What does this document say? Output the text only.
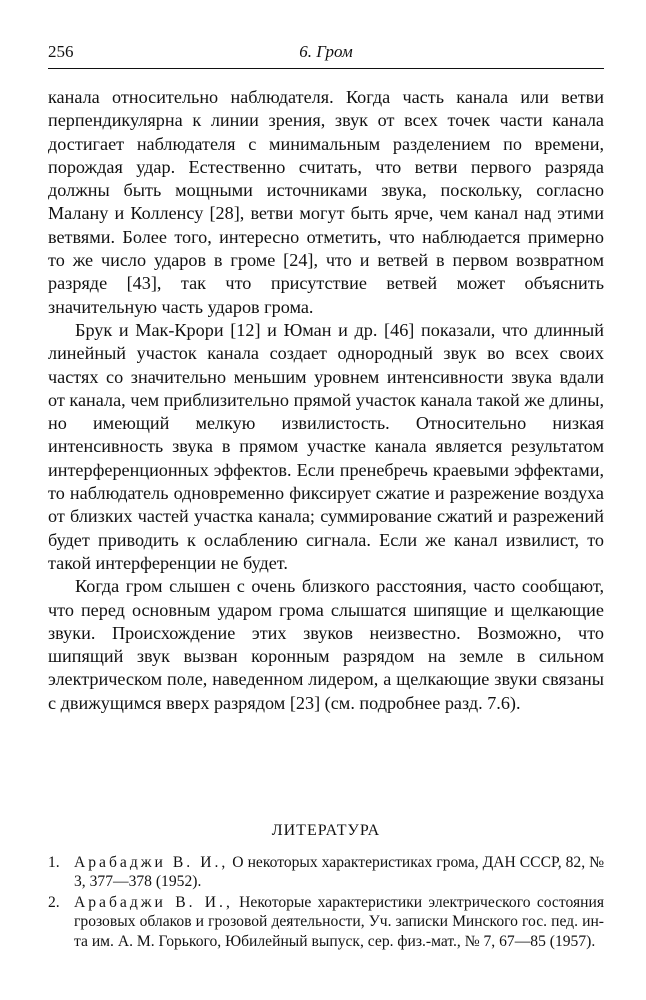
256	6. Гром

канала относительно наблюдателя. Когда часть канала или ветви перпендикулярна к линии зрения, звук от всех точек части канала достигает наблюдателя с минимальным разделением по времени, порождая удар. Естественно считать, что ветви первого разряда должны быть мощными источниками звука, поскольку, согласно Малану и Колленсу [28], ветви могут быть ярче, чем канал над этими ветвями. Более того, интересно отметить, что наблюдается примерно то же число ударов в громе [24], что и ветвей в первом возвратном разряде [43], так что присутствие ветвей может объяснить значительную часть ударов грома.

Брук и Мак-Крори [12] и Юман и др. [46] показали, что длинный линейный участок канала создает однородный звук во всех своих частях со значительно меньшим уровнем интенсивности звука вдали от канала, чем приблизительно прямой участок канала такой же длины, но имеющий мелкую извилистость. Относительно низкая интенсивность звука в прямом участке канала является результатом интерференционных эффектов. Если пренебречь краевыми эффектами, то наблюдатель одновременно фиксирует сжатие и разрежение воздуха от близких частей участка канала; суммирование сжатий и разрежений будет приводить к ослаблению сигнала. Если же канал извилист, то такой интерференции не будет.

Когда гром слышен с очень близкого расстояния, часто сообщают, что перед основным ударом грома слышатся шипящие и щелкающие звуки. Происхождение этих звуков неизвестно. Возможно, что шипящий звук вызван коронным разрядом на земле в сильном электрическом поле, наведенном лидером, а щелкающие звуки связаны с движущимся вверх разрядом [23] (см. подробнее разд. 7.6).

ЛИТЕРАТУРА
1. Арабаджи В. И., О некоторых характеристиках грома, ДАН СССР, 82, № 3, 377—378 (1952).
2. Арабаджи В. И., Некоторые характеристики электрического состояния грозовых облаков и грозовой деятельности, Уч. записки Минского гос. пед. ин-та им. А. М. Горького, Юбилейный выпуск, сер. физ.-мат., № 7, 67—85 (1957).
